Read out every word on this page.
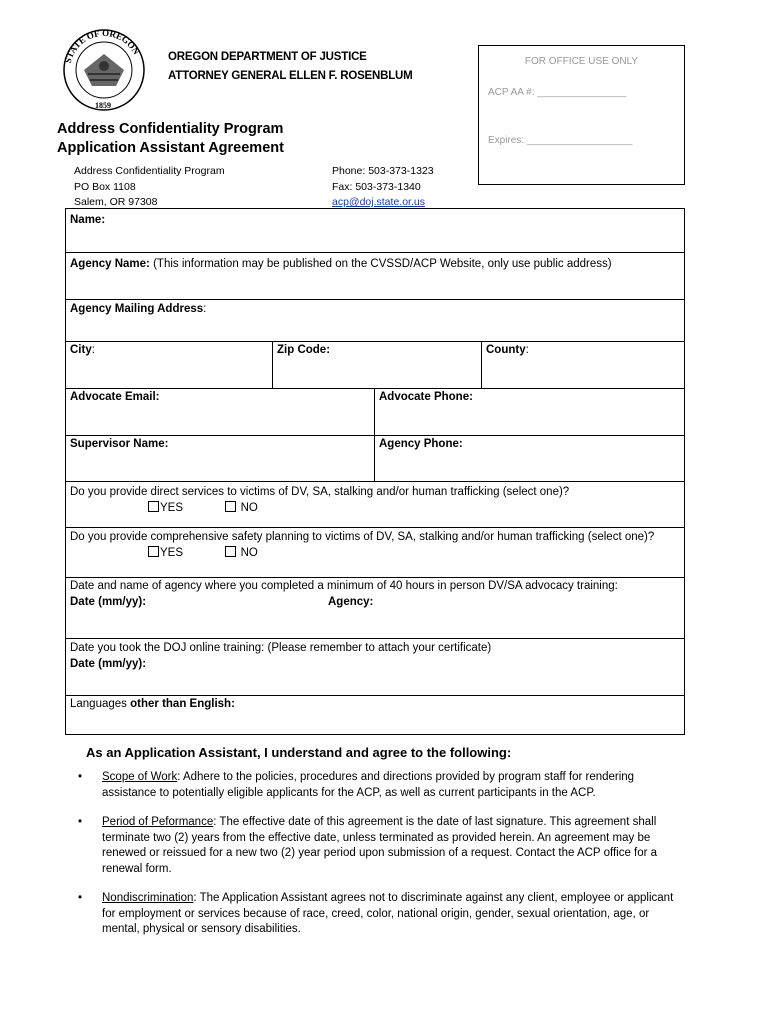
STATE OF OREGON
1859
OREGON DEPARTMENT OF JUSTICE
ATTORNEY GENERAL ELLEN F. ROSENBLUM
FOR OFFICE USE ONLY
ACP AA #: ________________
Expires: ___________________
Address Confidentiality Program
Application Assistant Agreement
Address Confidentiality Program
PO Box 1108
Salem, OR 97308
Phone: 503-373-1323
Fax: 503-373-1340
acp@doj.state.or.us
Name:
Agency Name: (This information may be published on the CVSSD/ACP Website, only use public address)
Agency Mailing Address:
City:	Zip Code:	County:
Advocate Email:	Advocate Phone:
Supervisor Name:	Agency Phone:
Do you provide direct services to victims of DV, SA, stalking and/or human trafficking (select one)?
YES	NO
Do you provide comprehensive safety planning to victims of DV, SA, stalking and/or human trafficking (select one)?
YES	NO
Date and name of agency where you completed a minimum of 40 hours in person DV/SA advocacy training:
Date (mm/yy):	Agency:
Date you took the DOJ online training: (Please remember to attach your certificate)
Date (mm/yy):
Languages other than English:
As an Application Assistant, I understand and agree to the following:
• Scope of Work: Adhere to the policies, procedures and directions provided by program staff for rendering assistance to potentially eligible applicants for the ACP, as well as current participants in the ACP.
• Period of Peformance: The effective date of this agreement is the date of last signature. This agreement shall terminate two (2) years from the effective date, unless terminated as provided herein. An agreement may be renewed or reissued for a new two (2) year period upon submission of a request. Contact the ACP office for a renewal form.
• Nondiscrimination: The Application Assistant agrees not to discriminate against any client, employee or applicant for employment or services because of race, creed, color, national origin, gender, sexual orientation, age, or mental, physical or sensory disabilities.
